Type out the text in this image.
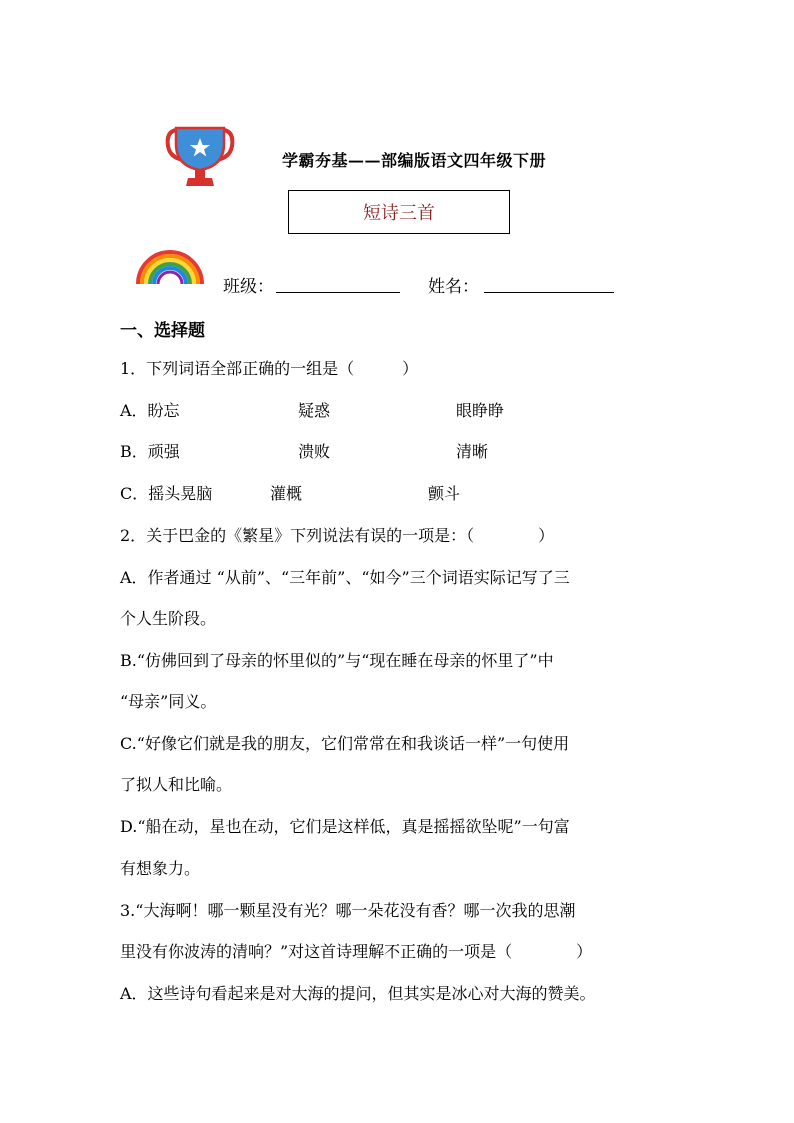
学霸夯基——部编版语文四年级下册
短诗三首
班级：	姓名：
一、选择题
1．下列词语全部正确的一组是（　　　）
A．盼忘	疑惑	眼睁睁
B．顽强	溃败	清晰
C．摇头晃脑	灌概	颤斗
2．关于巴金的《繁星》下列说法有误的一项是：（　　　　）
A．作者通过 “从前”、“三年前”、“如今”三个词语实际记写了三
个人生阶段。
B.“仿佛回到了母亲的怀里似的”与“现在睡在母亲的怀里了”中
“母亲”同义。
C.“好像它们就是我的朋友，它们常常在和我谈话一样”一句使用
了拟人和比喻。
D.“船在动，星也在动，它们是这样低，真是摇摇欲坠呢”一句富
有想象力。
3.“大海啊！哪一颗星没有光？哪一朵花没有香？哪一次我的思潮
里没有你波涛的清响？”对这首诗理解不正确的一项是（　　　　）
A．这些诗句看起来是对大海的提问，但其实是冰心对大海的赞美。
